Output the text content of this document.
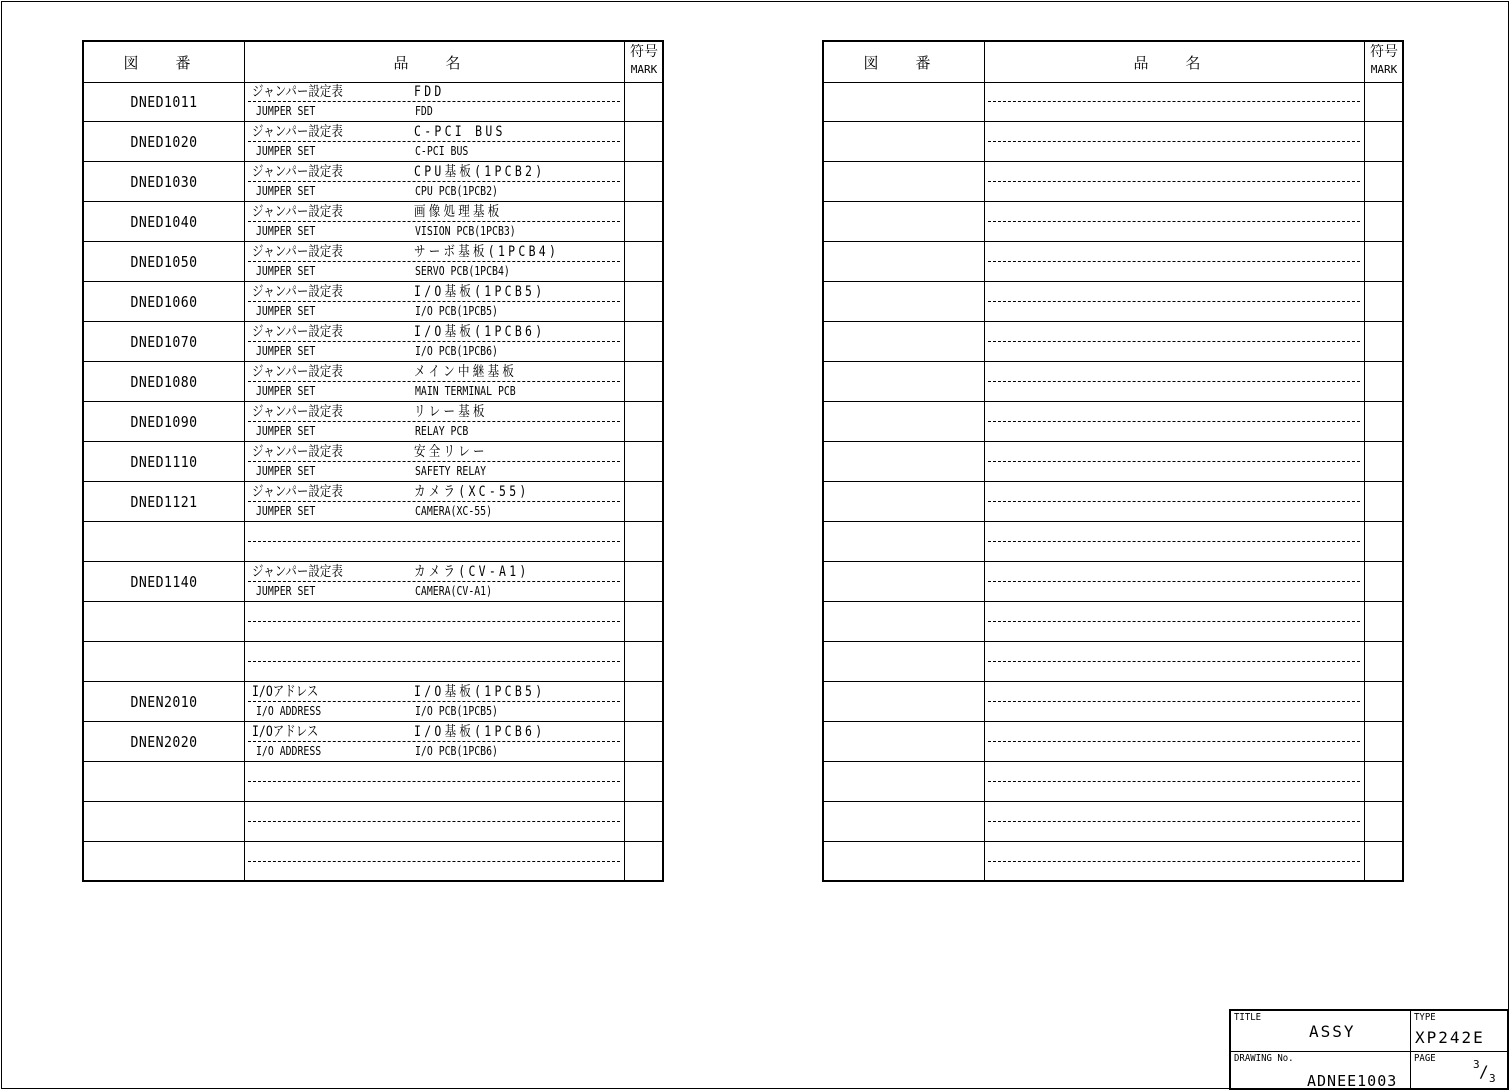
図 番	品 名
符号
MARK
DNED1011
ジャンパー設定表	FDD
JUMPER SET	FDD
DNED1020
ジャンパー設定表	C-PCI BUS
JUMPER SET	C-PCI BUS
DNED1030
ジャンパー設定表	CPU基板(1PCB2)
JUMPER SET	CPU PCB(1PCB2)
DNED1040
ジャンパー設定表	画像処理基板
JUMPER SET	VISION PCB(1PCB3)
DNED1050
ジャンパー設定表	サーボ基板(1PCB4)
JUMPER SET	SERVO PCB(1PCB4)
DNED1060
ジャンパー設定表	I/O基板(1PCB5)
JUMPER SET	I/O PCB(1PCB5)
DNED1070
ジャンパー設定表	I/O基板(1PCB6)
JUMPER SET	I/O PCB(1PCB6)
DNED1080
ジャンパー設定表	メイン中継基板
JUMPER SET	MAIN TERMINAL PCB
DNED1090
ジャンパー設定表	リレー基板
JUMPER SET	RELAY PCB
DNED1110
ジャンパー設定表	安全リレー
JUMPER SET	SAFETY RELAY
DNED1121
ジャンパー設定表	カメラ(XC-55)
JUMPER SET	CAMERA(XC-55)
DNED1140
ジャンパー設定表	カメラ(CV-A1)
JUMPER SET	CAMERA(CV-A1)
DNEN2010
I/Oアドレス	I/O基板(1PCB5)
I/O ADDRESS	I/O PCB(1PCB5)
DNEN2020
I/Oアドレス	I/O基板(1PCB6)
I/O ADDRESS	I/O PCB(1PCB6)
図 番	品 名
符号
MARK
TITLE
ASSY
TYPE
XP242E
DRAWING No.
ADNEE1003
PAGE	3 / 3
